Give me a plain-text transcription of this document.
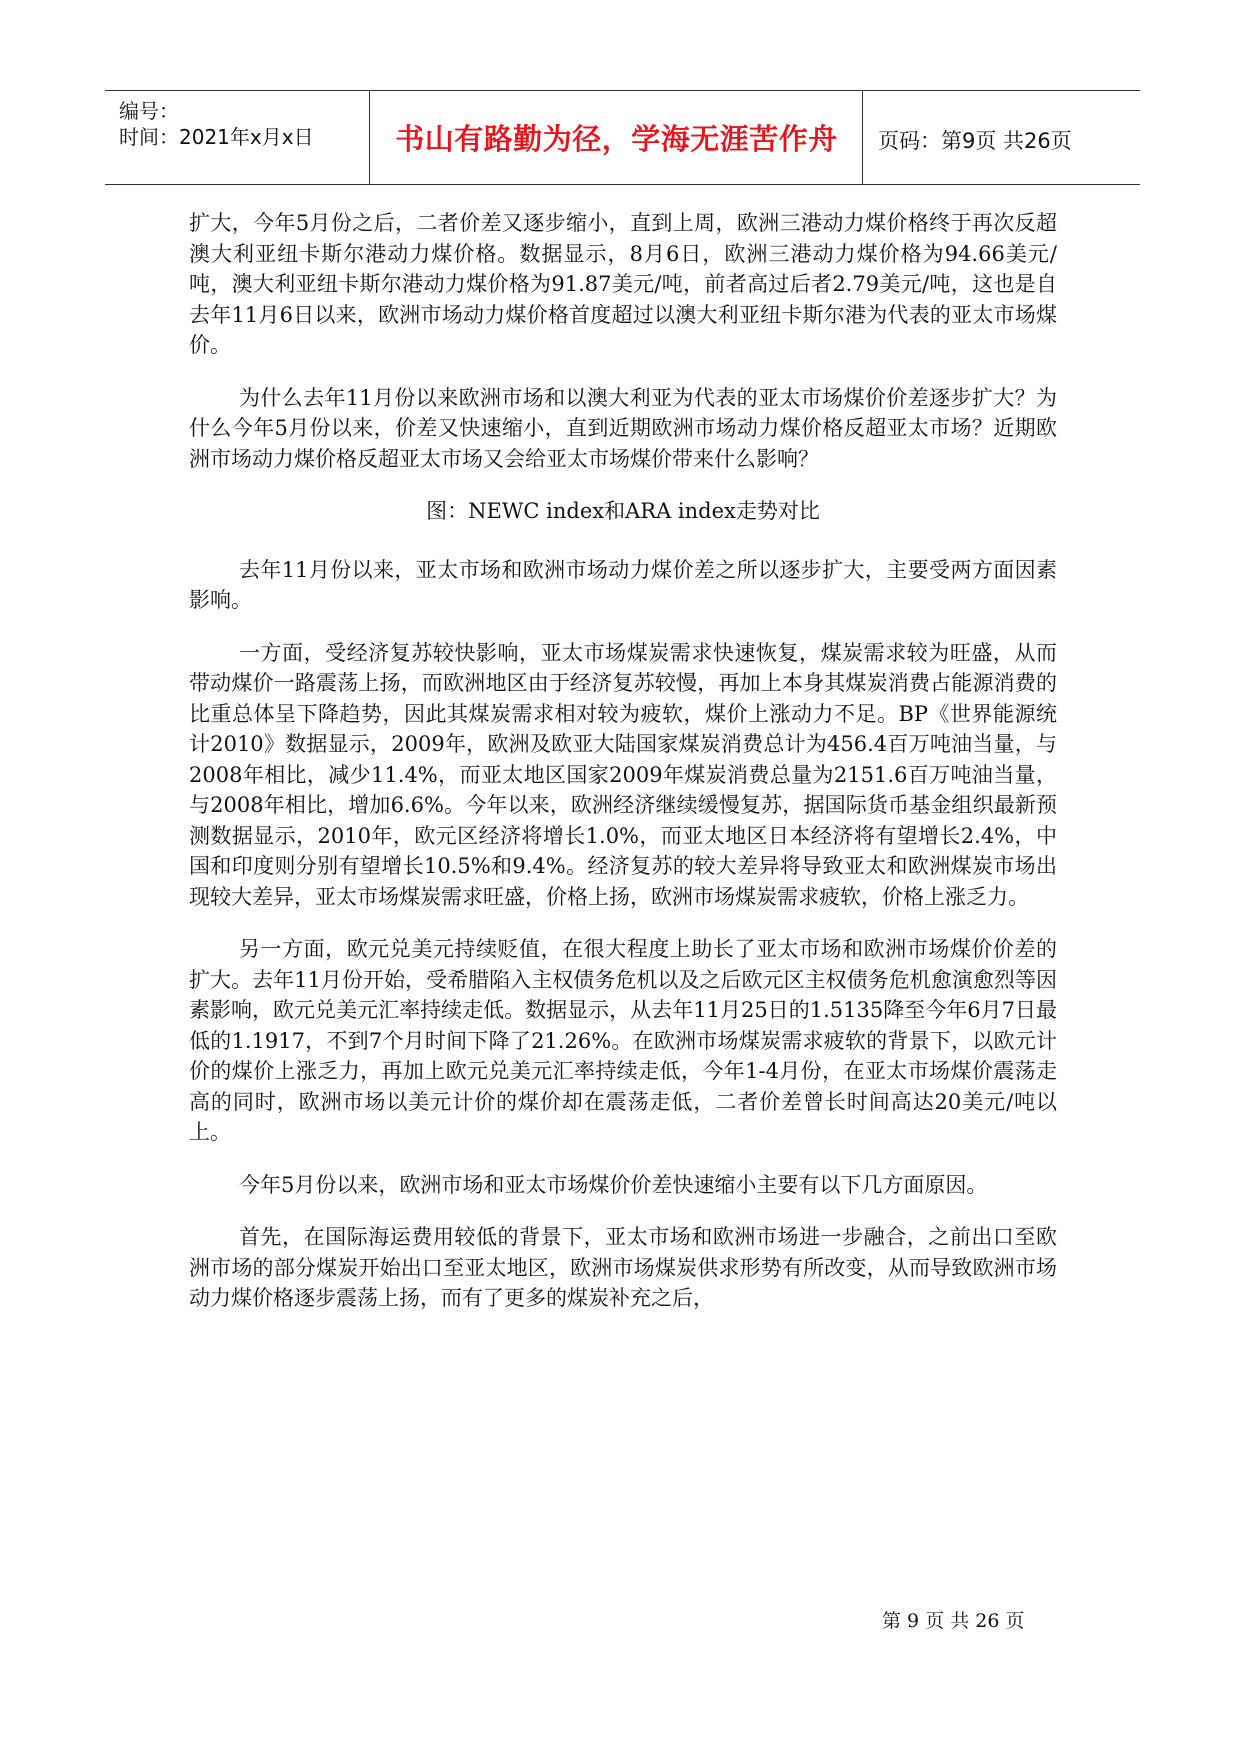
编号：
时间：2021年x月x日	书山有路勤为径，学海无涯苦作舟	页码：第9页 共26页

扩大，今年5月份之后，二者价差又逐步缩小，直到上周，欧洲三港动力煤价格终于再次反超澳大利亚纽卡斯尔港动力煤价格。数据显示，8月6日，欧洲三港动力煤价格为94.66美元/吨，澳大利亚纽卡斯尔港动力煤价格为91.87美元/吨，前者高过后者2.79美元/吨，这也是自去年11月6日以来，欧洲市场动力煤价格首度超过以澳大利亚纽卡斯尔港为代表的亚太市场煤价。

为什么去年11月份以来欧洲市场和以澳大利亚为代表的亚太市场煤价价差逐步扩大？为什么今年5月份以来，价差又快速缩小，直到近期欧洲市场动力煤价格反超亚太市场？近期欧洲市场动力煤价格反超亚太市场又会给亚太市场煤价带来什么影响？

图：NEWC index和ARA index走势对比

去年11月份以来，亚太市场和欧洲市场动力煤价差之所以逐步扩大，主要受两方面因素影响。

一方面，受经济复苏较快影响，亚太市场煤炭需求快速恢复，煤炭需求较为旺盛，从而带动煤价一路震荡上扬，而欧洲地区由于经济复苏较慢，再加上本身其煤炭消费占能源消费的比重总体呈下降趋势，因此其煤炭需求相对较为疲软，煤价上涨动力不足。BP《世界能源统计2010》数据显示，2009年，欧洲及欧亚大陆国家煤炭消费总计为456.4百万吨油当量，与2008年相比，减少11.4%，而亚太地区国家2009年煤炭消费总量为2151.6百万吨油当量，与2008年相比，增加6.6%。今年以来，欧洲经济继续缓慢复苏，据国际货币基金组织最新预测数据显示，2010年，欧元区经济将增长1.0%，而亚太地区日本经济将有望增长2.4%，中国和印度则分别有望增长10.5%和9.4%。经济复苏的较大差异将导致亚太和欧洲煤炭市场出现较大差异，亚太市场煤炭需求旺盛，价格上扬，欧洲市场煤炭需求疲软，价格上涨乏力。

另一方面，欧元兑美元持续贬值，在很大程度上助长了亚太市场和欧洲市场煤价价差的扩大。去年11月份开始，受希腊陷入主权债务危机以及之后欧元区主权债务危机愈演愈烈等因素影响，欧元兑美元汇率持续走低。数据显示，从去年11月25日的1.5135降至今年6月7日最低的1.1917，不到7个月时间下降了21.26%。在欧洲市场煤炭需求疲软的背景下，以欧元计价的煤价上涨乏力，再加上欧元兑美元汇率持续走低，今年1-4月份，在亚太市场煤价震荡走高的同时，欧洲市场以美元计价的煤价却在震荡走低，二者价差曾长时间高达20美元/吨以上。

今年5月份以来，欧洲市场和亚太市场煤价价差快速缩小主要有以下几方面原因。

首先，在国际海运费用较低的背景下，亚太市场和欧洲市场进一步融合，之前出口至欧洲市场的部分煤炭开始出口至亚太地区，欧洲市场煤炭供求形势有所改变，从而导致欧洲市场动力煤价格逐步震荡上扬，而有了更多的煤炭补充之后，

第 9 页 共 26 页
